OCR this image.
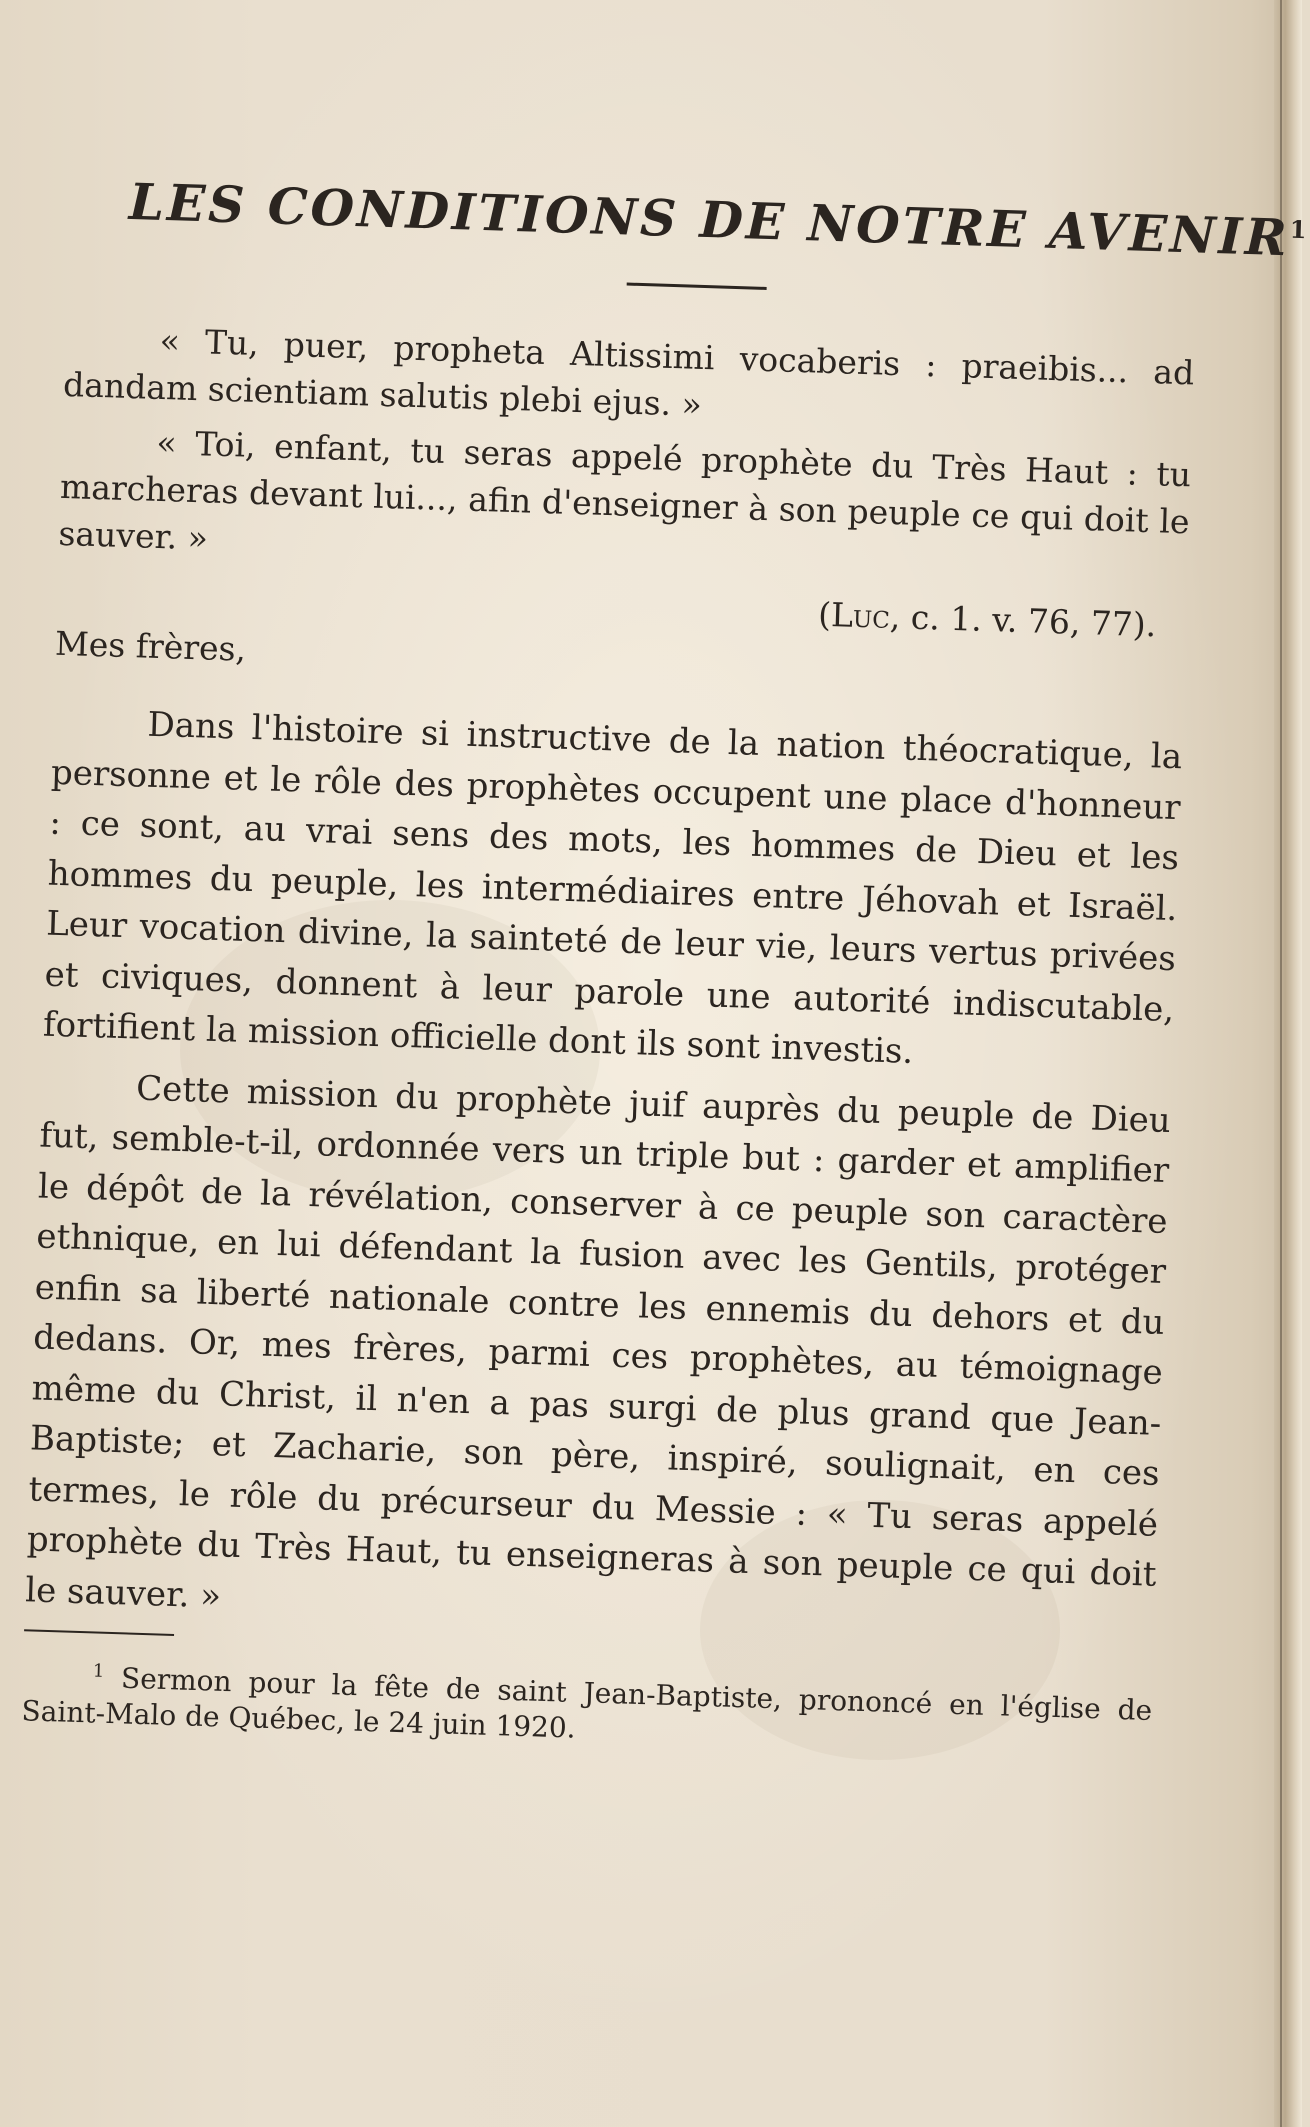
LES CONDITIONS DE NOTRE AVENIR$^1$

« Tu, puer, propheta Altissimi vocaberis : praeibis... ad dandam scientiam salutis plebi ejus. »

« Toi, enfant, tu seras appelé prophète du Très Haut : tu marcheras devant lui..., afin d'enseigner à son peuple ce qui doit le sauver. »

(Luc, c. 1. v. 76, 77).

Mes frères,

Dans l'histoire si instructive de la nation théocratique, la personne et le rôle des prophètes occupent une place d'honneur : ce sont, au vrai sens des mots, les hommes de Dieu et les hommes du peuple, les intermédiaires entre Jéhovah et Israël. Leur vocation divine, la sainteté de leur vie, leurs vertus privées et civiques, donnent à leur parole une autorité indiscutable, fortifient la mission officielle dont ils sont investis.

Cette mission du prophète juif auprès du peuple de Dieu fut, semble-t-il, ordonnée vers un triple but : garder et amplifier le dépôt de la révélation, conserver à ce peuple son caractère ethnique, en lui défendant la fusion avec les Gentils, protéger enfin sa liberté nationale contre les ennemis du dehors et du dedans. Or, mes frères, parmi ces prophètes, au témoignage même du Christ, il n'en a pas surgi de plus grand que Jean-Baptiste; et Zacharie, son père, inspiré, soulignait, en ces termes, le rôle du précurseur du Messie : « Tu seras appelé prophète du Très Haut, tu enseigneras à son peuple ce qui doit le sauver. »

$^1$ Sermon pour la fête de saint Jean-Baptiste, prononcé en l'église de Saint-Malo de Québec, le 24 juin 1920.
